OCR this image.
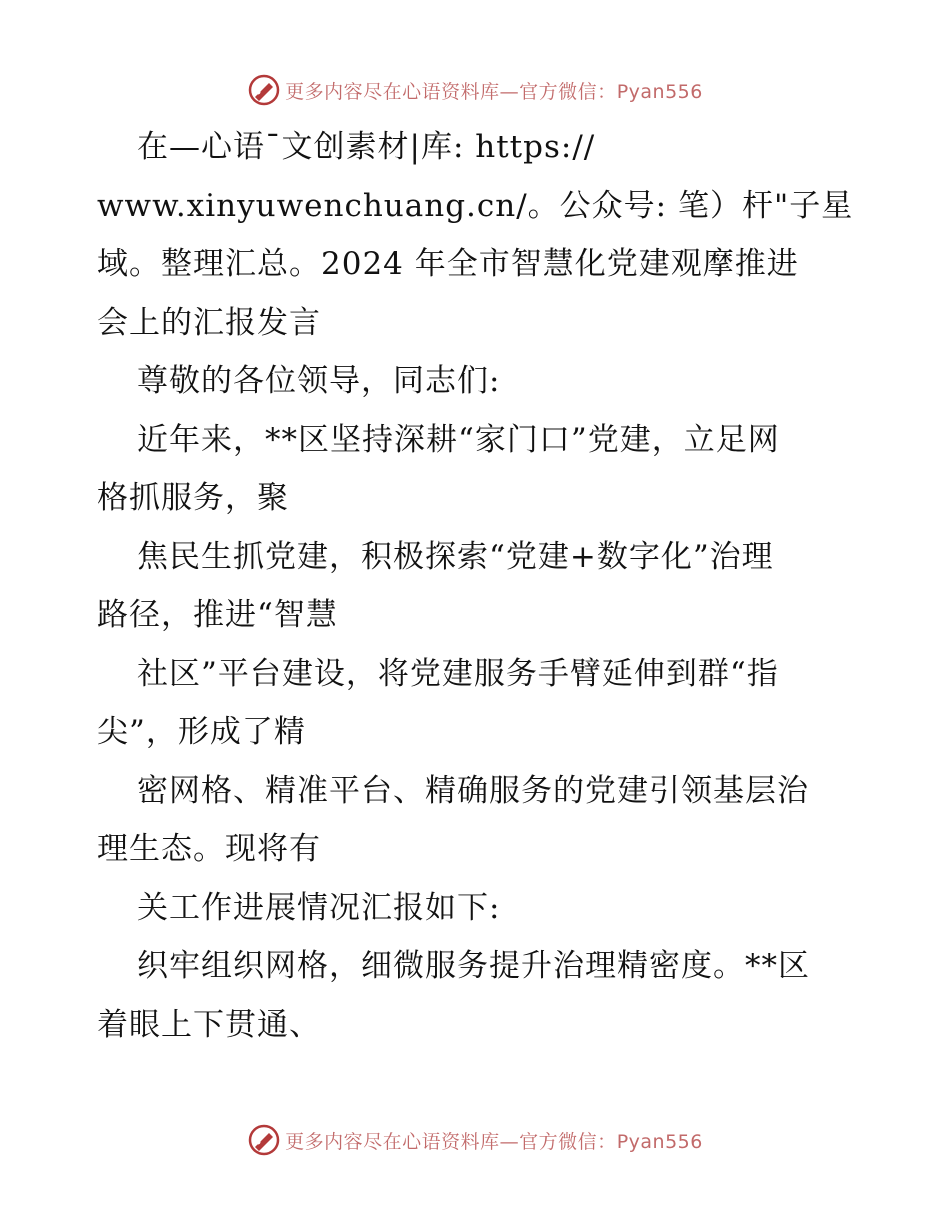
更多内容尽在心语资料库—官方微信：Pyan556
在—心语¯文创素材|库: https://
www.xinyuwenchuang.cn/。公众号: 笔）杆"子星
域。整理汇总。2024 年全市智慧化党建观摩推进
会上的汇报发言
尊敬的各位领导，同志们:
近年来，**区坚持深耕“家门口”党建，立足网
格抓服务，聚
焦民生抓党建，积极探索“党建+数字化”治理
路径，推进“智慧
社区”平台建设，将党建服务手臂延伸到群“指
尖”，形成了精
密网格、精准平台、精确服务的党建引领基层治
理生态。现将有
关工作进展情况汇报如下:
织牢组织网格，细微服务提升治理精密度。**区
着眼上下贯通、
更多内容尽在心语资料库—官方微信：Pyan556
